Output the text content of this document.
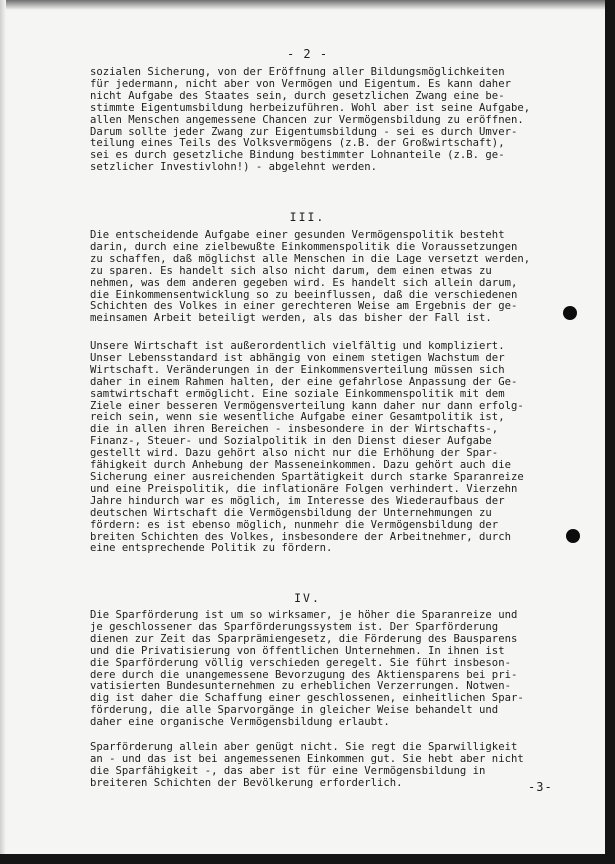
- 2 -
sozialen Sicherung, von der Eröffnung aller Bildungsmöglichkeiten
für jedermann, nicht aber von Vermögen und Eigentum. Es kann daher
nicht Aufgabe des Staates sein, durch gesetzlichen Zwang eine be-
stimmte Eigentumsbildung herbeizuführen. Wohl aber ist seine Aufgabe,
allen Menschen angemessene Chancen zur Vermögensbildung zu eröffnen.
Darum sollte jeder Zwang zur Eigentumsbildung - sei es durch Umver-
teilung eines Teils des Volksvermögens (z.B. der Großwirtschaft),
sei es durch gesetzliche Bindung bestimmter Lohnanteile (z.B. ge-
setzlicher Investivlohn!) - abgelehnt werden.
III.
Die entscheidende Aufgabe einer gesunden Vermögenspolitik besteht
darin, durch eine zielbewußte Einkommenspolitik die Voraussetzungen
zu schaffen, daß möglichst alle Menschen in die Lage versetzt werden,
zu sparen. Es handelt sich also nicht darum, dem einen etwas zu
nehmen, was dem anderen gegeben wird. Es handelt sich allein darum,
die Einkommensentwicklung so zu beeinflussen, daß die verschiedenen
Schichten des Volkes in einer gerechteren Weise am Ergebnis der ge-
meinsamen Arbeit beteiligt werden, als das bisher der Fall ist.
Unsere Wirtschaft ist außerordentlich vielfältig und kompliziert.
Unser Lebensstandard ist abhängig von einem stetigen Wachstum der
Wirtschaft. Veränderungen in der Einkommensverteilung müssen sich
daher in einem Rahmen halten, der eine gefahrlose Anpassung der Ge-
samtwirtschaft ermöglicht. Eine soziale Einkommenspolitik mit dem
Ziele einer besseren Vermögensverteilung kann daher nur dann erfolg-
reich sein, wenn sie wesentliche Aufgabe einer Gesamtpolitik ist,
die in allen ihren Bereichen - insbesondere in der Wirtschafts-,
Finanz-, Steuer- und Sozialpolitik in den Dienst dieser Aufgabe
gestellt wird. Dazu gehört also nicht nur die Erhöhung der Spar-
fähigkeit durch Anhebung der Masseneinkommen. Dazu gehört auch die
Sicherung einer ausreichenden Spartätigkeit durch starke Sparanreize
und eine Preispolitik, die inflationäre Folgen verhindert. Vierzehn
Jahre hindurch war es möglich, im Interesse des Wiederaufbaus der
deutschen Wirtschaft die Vermögensbildung der Unternehmungen zu
fördern: es ist ebenso möglich, nunmehr die Vermögensbildung der
breiten Schichten des Volkes, insbesondere der Arbeitnehmer, durch
eine entsprechende Politik zu fördern.
IV.
Die Sparförderung ist um so wirksamer, je höher die Sparanreize und
je geschlossener das Sparförderungssystem ist. Der Sparförderung
dienen zur Zeit das Sparprämiengesetz, die Förderung des Bausparens
und die Privatisierung von öffentlichen Unternehmen. In ihnen ist
die Sparförderung völlig verschieden geregelt. Sie führt insbeson-
dere durch die unangemessene Bevorzugung des Aktiensparens bei pri-
vatisierten Bundesunternehmen zu erheblichen Verzerrungen. Notwen-
dig ist daher die Schaffung einer geschlossenen, einheitlichen Spar-
förderung, die alle Sparvorgänge in gleicher Weise behandelt und
daher eine organische Vermögensbildung erlaubt.
Sparförderung allein aber genügt nicht. Sie regt die Sparwilligkeit
an - und das ist bei angemessenen Einkommen gut. Sie hebt aber nicht
die Sparfähigkeit -, das aber ist für eine Vermögensbildung in
breiteren Schichten der Bevölkerung erforderlich.	-3-
